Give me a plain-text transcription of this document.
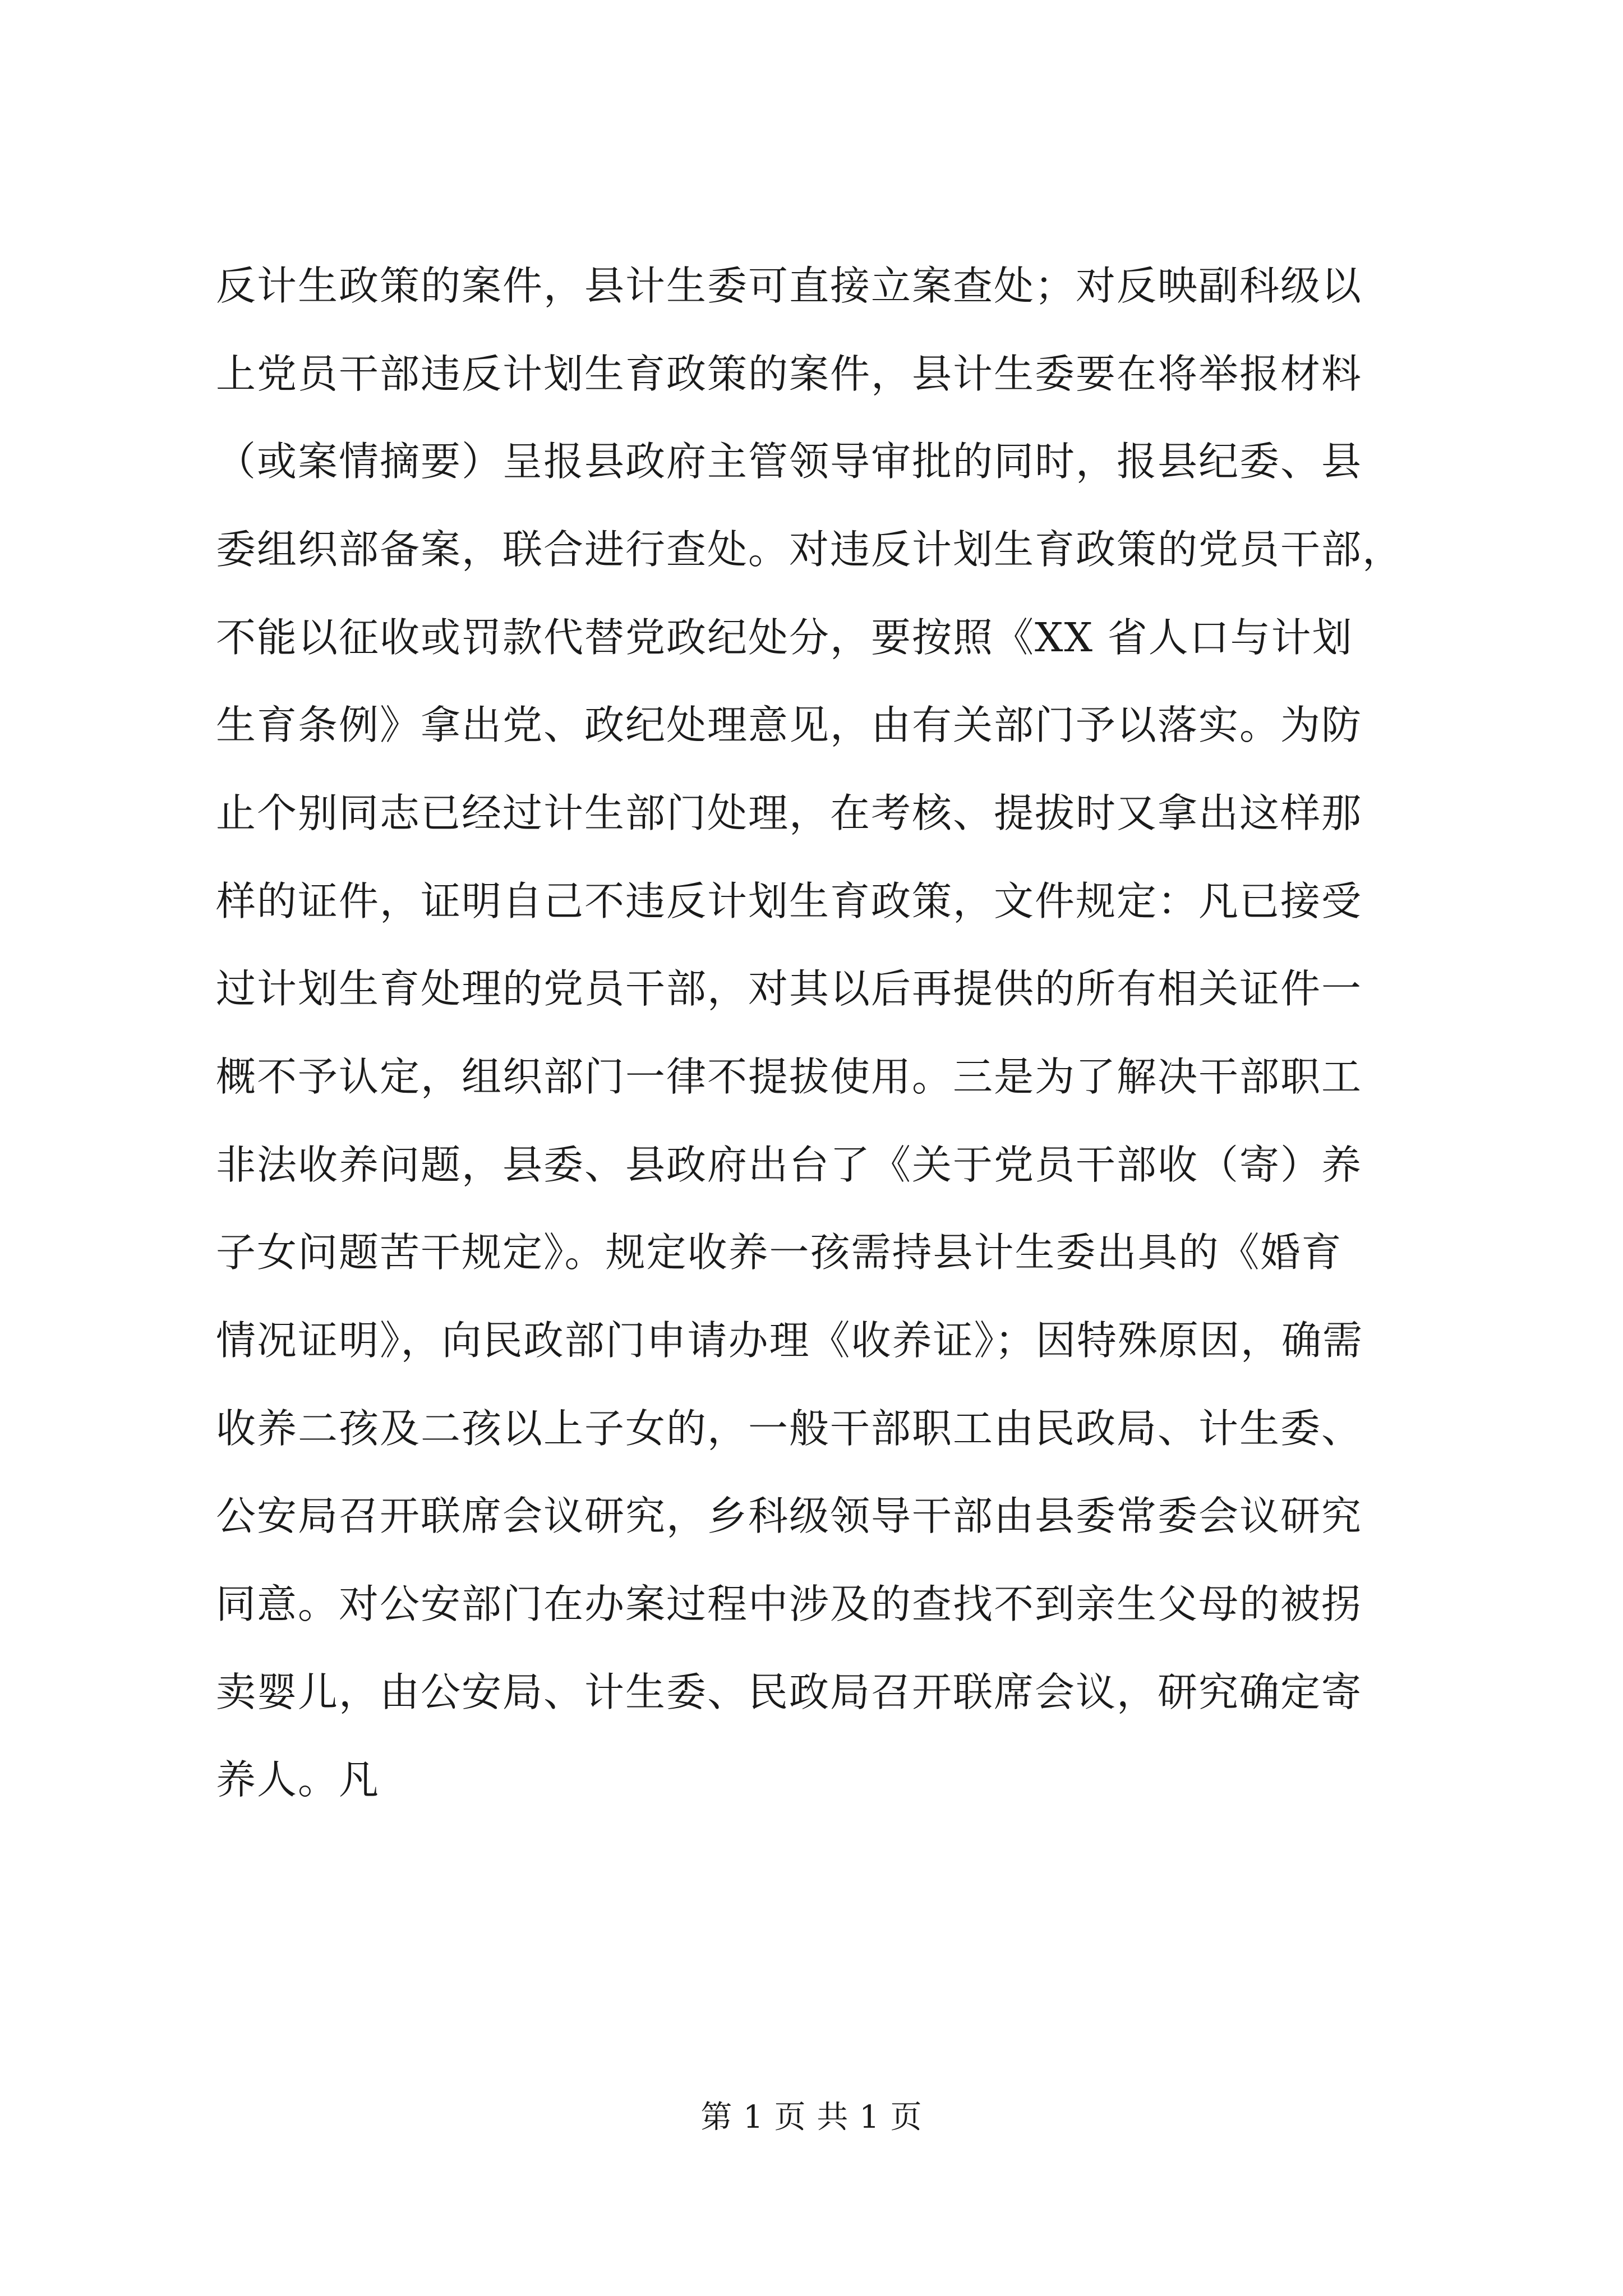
反计生政策的案件，县计生委可直接立案查处；对反映副科级以
上党员干部违反计划生育政策的案件，县计生委要在将举报材料
（或案情摘要）呈报县政府主管领导审批的同时，报县纪委、县
委组织部备案，联合进行查处。对违反计划生育政策的党员干部，
不能以征收或罚款代替党政纪处分，要按照《XX 省人口与计划
生育条例》拿出党、政纪处理意见，由有关部门予以落实。为防
止个别同志已经过计生部门处理，在考核、提拔时又拿出这样那
样的证件，证明自己不违反计划生育政策，文件规定：凡已接受
过计划生育处理的党员干部，对其以后再提供的所有相关证件一
概不予认定，组织部门一律不提拔使用。三是为了解决干部职工
非法收养问题，县委、县政府出台了《关于党员干部收（寄）养
子女问题苦干规定》。规定收养一孩需持县计生委出具的《婚育
情况证明》，向民政部门申请办理《收养证》；因特殊原因，确需
收养二孩及二孩以上子女的，一般干部职工由民政局、计生委、
公安局召开联席会议研究，乡科级领导干部由县委常委会议研究
同意。对公安部门在办案过程中涉及的查找不到亲生父母的被拐
卖婴儿，由公安局、计生委、民政局召开联席会议，研究确定寄
养人。凡
第 1 页 共 1 页
